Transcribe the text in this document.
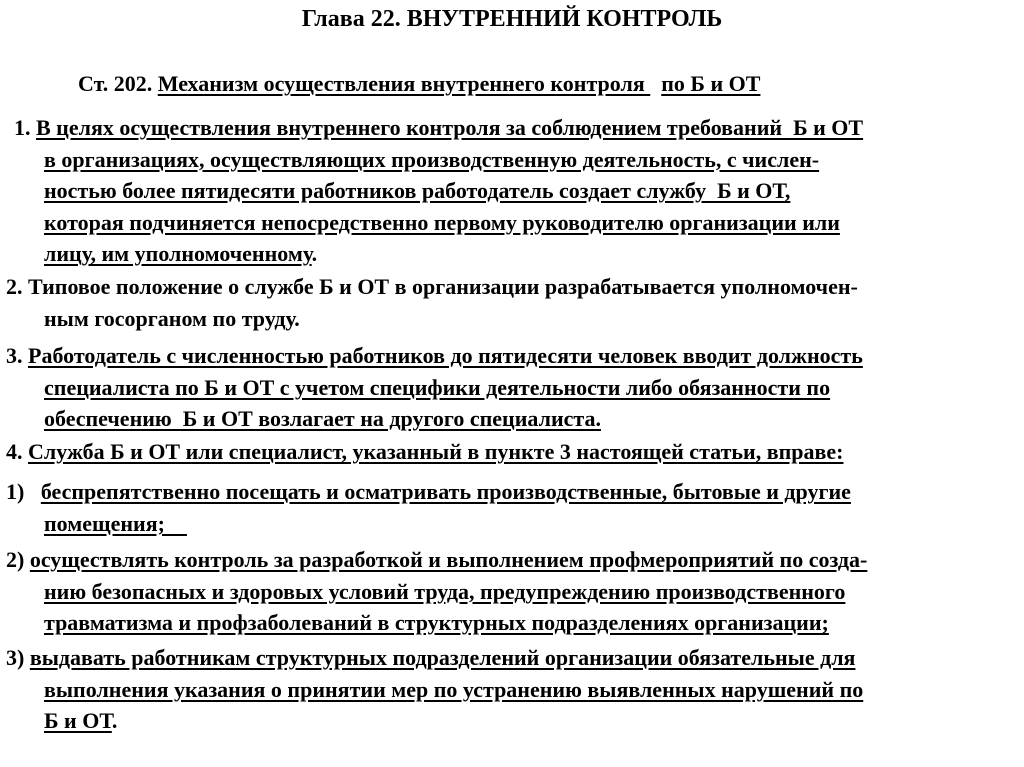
Глава 22. ВНУТРЕННИЙ КОНТРОЛЬ
Ст. 202. Механизм осуществления внутреннего контроля   по Б и ОТ
1. В целях осуществления внутреннего контроля за соблюдением требований  Б и ОТ
в организациях, осуществляющих производственную деятельность, с числен-
ностью более пятидесяти работников работодатель создает службу  Б и ОТ,
которая подчиняется непосредственно первому руководителю организации или
лицу, им уполномоченному.
2. Типовое положение о службе Б и ОТ в организации разрабатывается уполномочен-
ным госорганом по труду.
3. Работодатель с численностью работников до пятидесяти человек вводит должность
специалиста по Б и ОТ с учетом специфики деятельности либо обязанности по
обеспечению  Б и ОТ возлагает на другого специалиста.
4. Служба Б и ОТ или специалист, указанный в пункте 3 настоящей статьи, вправе:
1)   беспрепятственно посещать и осматривать производственные, бытовые и другие
помещения;
2) осуществлять контроль за разработкой и выполнением профмероприятий по созда-
нию безопасных и здоровых условий труда, предупреждению производственного
травматизма и профзаболеваний в структурных подразделениях организации;
3) выдавать работникам структурных подразделений организации обязательные для
выполнения указания о принятии мер по устранению выявленных нарушений по
Б и ОТ.
